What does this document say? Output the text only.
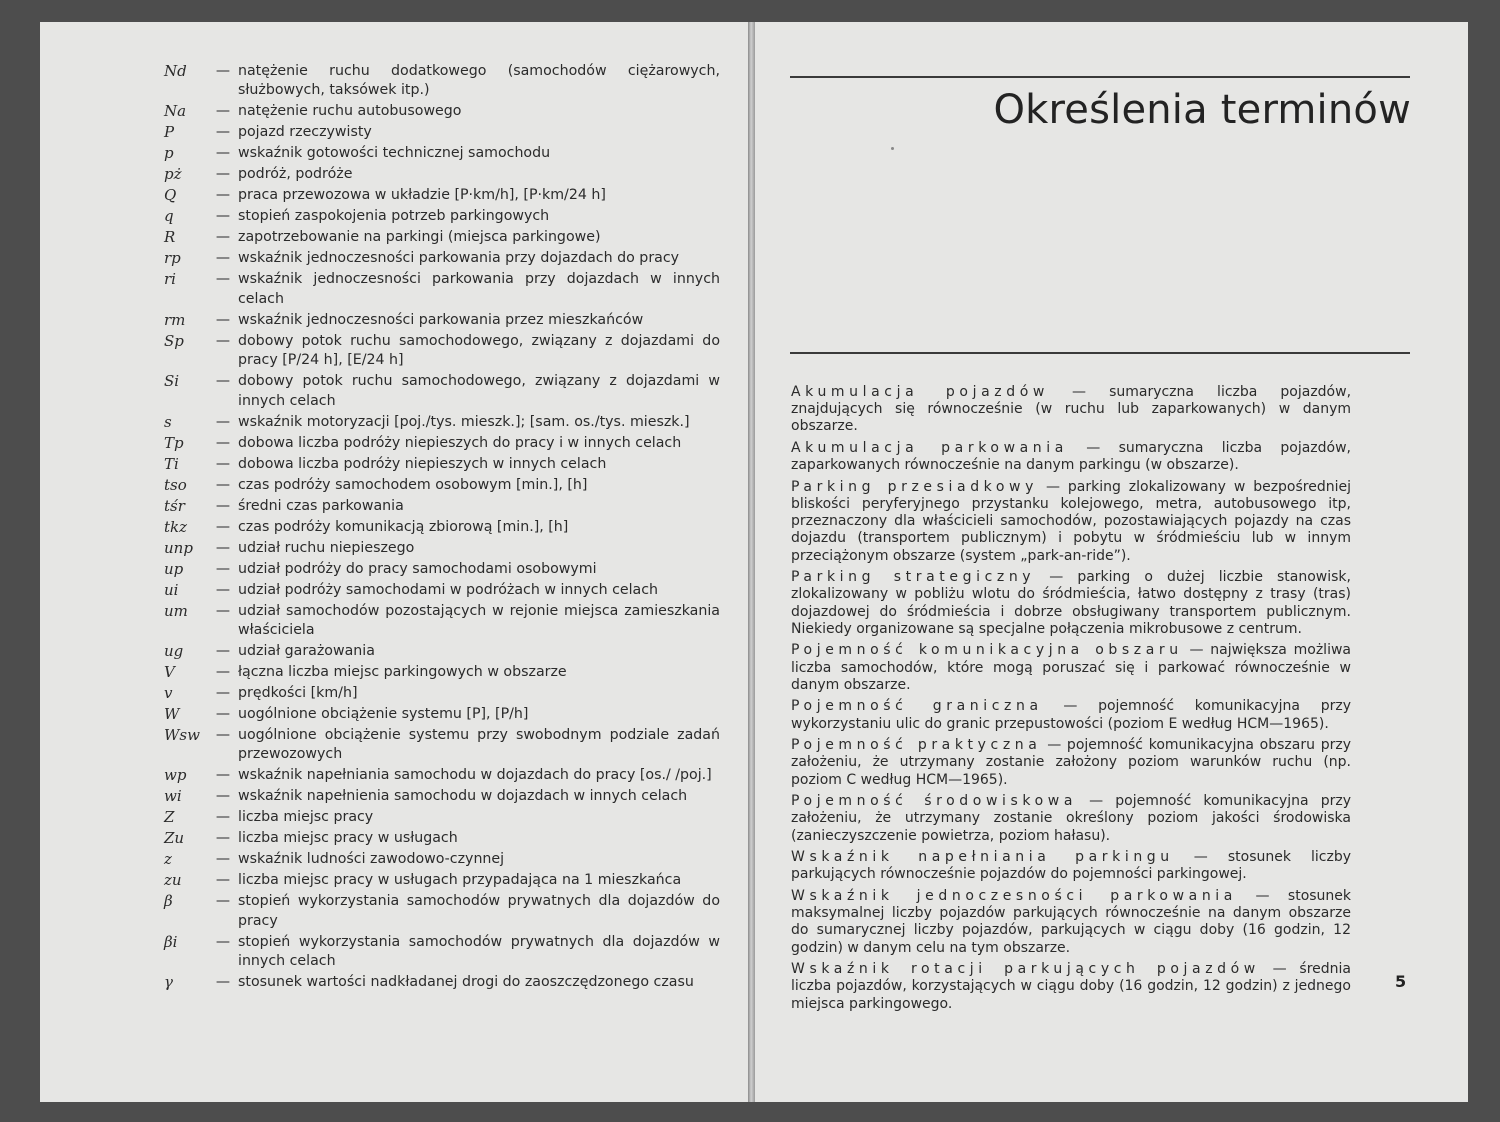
Nd	— natężenie ruchu dodatkowego (samochodów ciężarowych, służbowych, taksówek itp.)
Na	— natężenie ruchu autobusowego
P	— pojazd rzeczywisty
p	— wskaźnik gotowości technicznej samochodu
pż	— podróż, podróże
Q	— praca przewozowa w układzie [P·km/h], [P·km/24 h]
q	— stopień zaspokojenia potrzeb parkingowych
R	— zapotrzebowanie na parkingi (miejsca parkingowe)
rp	— wskaźnik jednoczesności parkowania przy dojazdach do pracy
ri	— wskaźnik jednoczesności parkowania przy dojazdach w innych celach
rm	— wskaźnik jednoczesności parkowania przez mieszkańców
Sp	— dobowy potok ruchu samochodowego, związany z dojazdami do pracy [P/24 h], [E/24 h]
Si	— dobowy potok ruchu samochodowego, związany z dojazdami w innych celach
s	— wskaźnik motoryzacji [poj./tys. mieszk.]; [sam. os./tys. mieszk.]
Tp	— dobowa liczba podróży niepieszych do pracy i w innych celach
Ti	— dobowa liczba podróży niepieszych w innych celach
tso	— czas podróży samochodem osobowym [min.], [h]
tśr	— średni czas parkowania
tkz	— czas podróży komunikacją zbiorową [min.], [h]
unp	— udział ruchu niepieszego
up	— udział podróży do pracy samochodami osobowymi
ui	— udział podróży samochodami w podróżach w innych celach
um	— udział samochodów pozostających w rejonie miejsca zamieszkania właściciela
ug	— udział garażowania
V	— łączna liczba miejsc parkingowych w obszarze
v	— prędkości [km/h]
W	— uogólnione obciążenie systemu [P], [P/h]
Wsw	— uogólnione obciążenie systemu przy swobodnym podziale zadań przewozowych
wp	— wskaźnik napełniania samochodu w dojazdach do pracy [os./ /poj.]
wi	— wskaźnik napełnienia samochodu w dojazdach w innych celach
Z	— liczba miejsc pracy
Zu	— liczba miejsc pracy w usługach
z	— wskaźnik ludności zawodowo-czynnej
zu	— liczba miejsc pracy w usługach przypadająca na 1 mieszkańca
β	— stopień wykorzystania samochodów prywatnych dla dojazdów do pracy
βi	— stopień wykorzystania samochodów prywatnych dla dojazdów w innych celach
γ	— stosunek wartości nadkładanej drogi do zaoszczędzonego czasu
Określenia terminów

Akumulacja pojazdów — sumaryczna liczba pojazdów, znajdujących się równocześnie (w ruchu lub zaparkowanych) w danym obszarze.

Akumulacja parkowania — sumaryczna liczba pojazdów, zaparkowanych równocześnie na danym parkingu (w obszarze).

Parking przesiadkowy — parking zlokalizowany w bezpośredniej bliskości peryferyjnego przystanku kolejowego, metra, autobusowego itp, przeznaczony dla właścicieli samochodów, pozostawiających pojazdy na czas dojazdu (transportem publicznym) i pobytu w śródmieściu lub w innym przeciążonym obszarze (system „park-an-ride”).

Parking strategiczny — parking o dużej liczbie stanowisk, zlokalizowany w pobliżu wlotu do śródmieścia, łatwo dostępny z trasy (tras) dojazdowej do śródmieścia i dobrze obsługiwany transportem publicznym. Niekiedy organizowane są specjalne połączenia mikrobusowe z centrum.

Pojemność komunikacyjna obszaru — największa możliwa liczba samochodów, które mogą poruszać się i parkować równocześnie w danym obszarze.

Pojemność graniczna — pojemność komunikacyjna przy wykorzystaniu ulic do granic przepustowości (poziom E według HCM—1965).

Pojemność praktyczna — pojemność komunikacyjna obszaru przy założeniu, że utrzymany zostanie założony poziom warunków ruchu (np. poziom C według HCM—1965).

Pojemność środowiskowa — pojemność komunikacyjna przy założeniu, że utrzymany zostanie określony poziom jakości środowiska (zanieczyszczenie powietrza, poziom hałasu).

Wskaźnik napełniania parkingu — stosunek liczby parkujących równocześnie pojazdów do pojemności parkingowej.

Wskaźnik jednoczesności parkowania — stosunek maksymalnej liczby pojazdów parkujących równocześnie na danym obszarze do sumarycznej liczby pojazdów, parkujących w ciągu doby (16 godzin, 12 godzin) w danym celu na tym obszarze.

Wskaźnik rotacji parkujących pojazdów — średnia liczba pojazdów, korzystających w ciągu doby (16 godzin, 12 godzin) z jednego miejsca parkingowego.

5
